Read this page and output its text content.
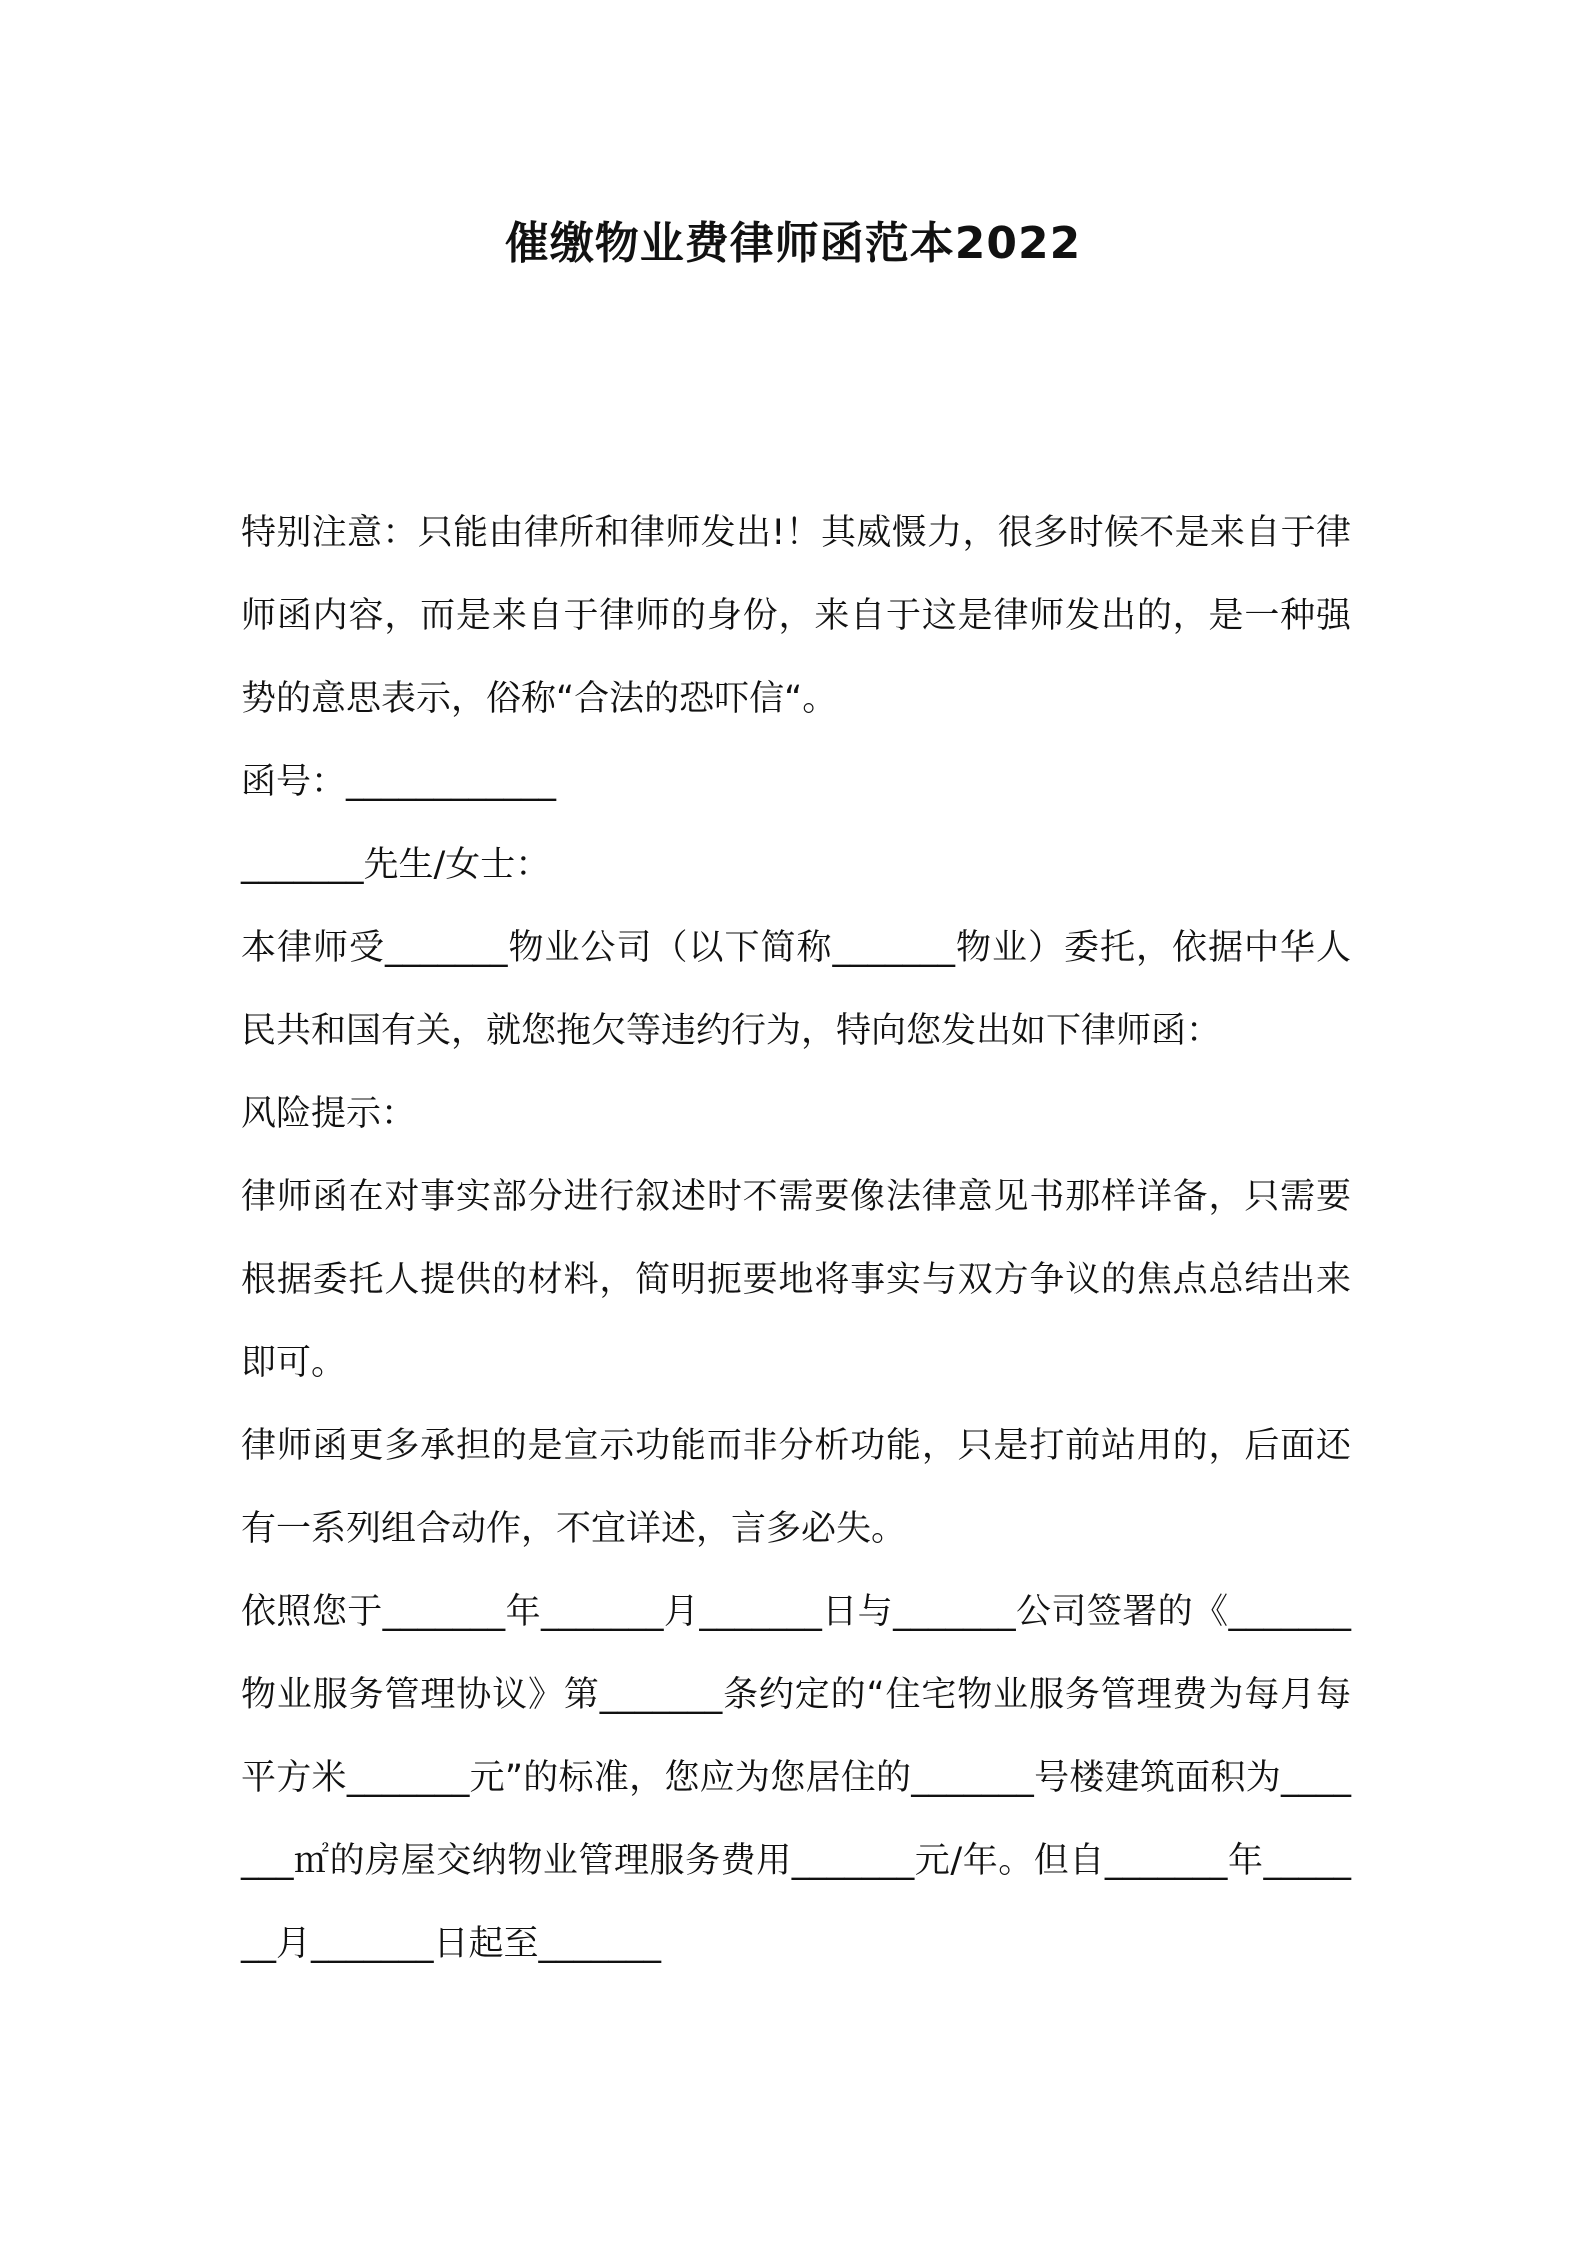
催缴物业费律师函范本2022

特别注意：只能由律所和律师发出!！其威慑力，很多时候不是来自于律师函内容，而是来自于律师的身份，来自于这是律师发出的，是一种强势的意思表示，俗称“合法的恐吓信“。

函号：____________

_______先生/女士：

本律师受_______物业公司（以下简称_______物业）委托，依据中华人民共和国有关，就您拖欠等违约行为，特向您发出如下律师函：

风险提示：

律师函在对事实部分进行叙述时不需要像法律意见书那样详备，只需要根据委托人提供的材料，简明扼要地将事实与双方争议的焦点总结出来即可。

律师函更多承担的是宣示功能而非分析功能，只是打前站用的，后面还有一系列组合动作，不宜详述，言多必失。

依照您于_______年_______月_______日与_______公司签署的《_______物业服务管理协议》第_______条约定的“住宅物业服务管理费为每月每平方米_______元”的标准，您应为您居住的_______号楼建筑面积为_______㎡的房屋交纳物业管理服务费用_______元/年。但自_______年_______月_______日起至_______
